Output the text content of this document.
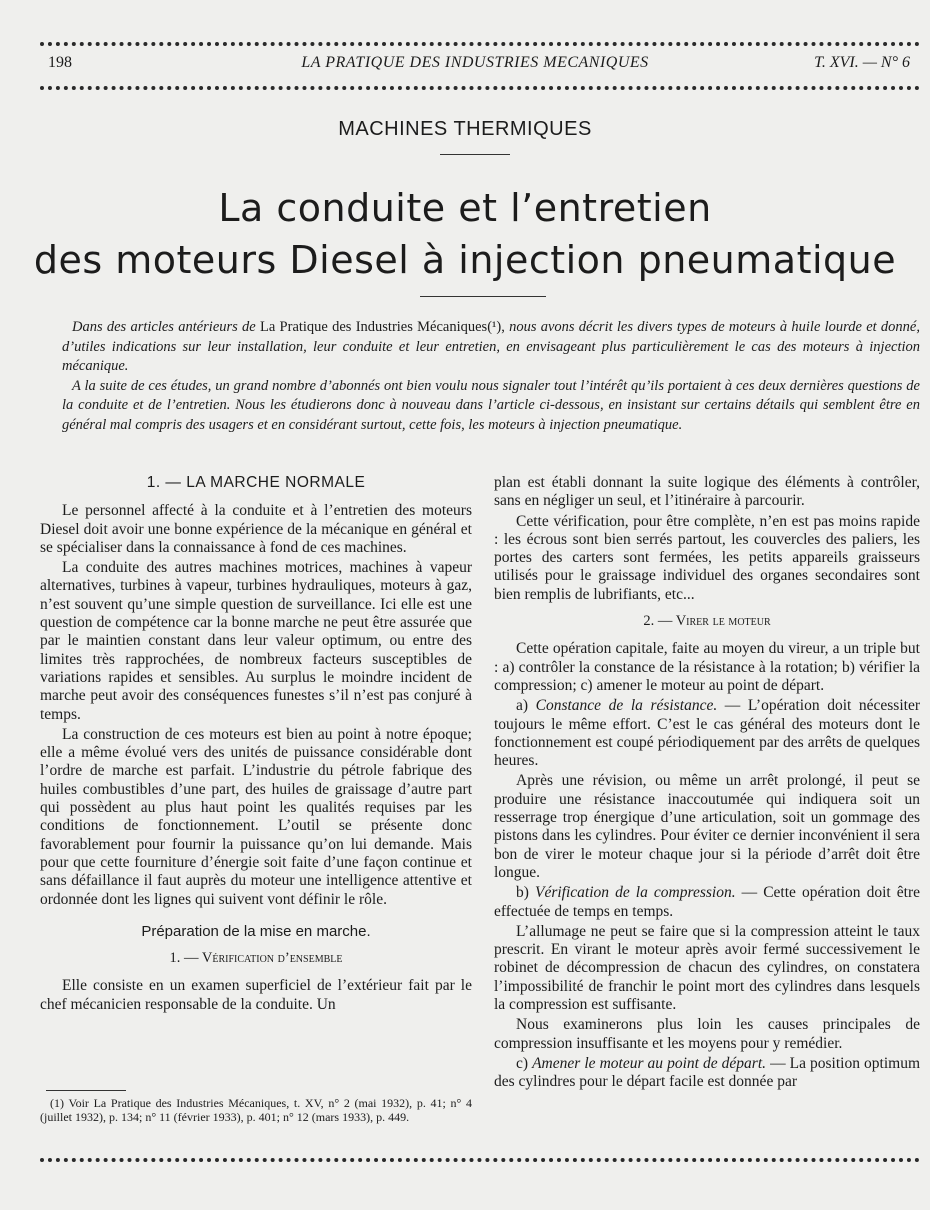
198	LA PRATIQUE DES INDUSTRIES MECANIQUES	T. XVI. — N° 6
MACHINES THERMIQUES
La conduite et l’entretien
des moteurs Diesel à injection pneumatique

Dans des articles antérieurs de La Pratique des Industries Mécaniques(¹), nous avons décrit les divers types de moteurs à huile lourde et donné, d’utiles indications sur leur installation, leur conduite et leur entretien, en envisageant plus particulièrement le cas des moteurs à injection mécanique.

A la suite de ces études, un grand nombre d’abonnés ont bien voulu nous signaler tout l’intérêt qu’ils portaient à ces deux dernières questions de la conduite et de l’entretien. Nous les étudierons donc à nouveau dans l’article ci-dessous, en insistant sur certains détails qui semblent être en général mal compris des usagers et en considérant surtout, cette fois, les moteurs à injection pneumatique.

1. — LA MARCHE NORMALE

Le personnel affecté à la conduite et à l’entretien des moteurs Diesel doit avoir une bonne expérience de la mécanique en général et se spécialiser dans la connaissance à fond de ces machines.

La conduite des autres machines motrices, machines à vapeur alternatives, turbines à vapeur, turbines hydrauliques, moteurs à gaz, n’est souvent qu’une simple question de surveillance. Ici elle est une question de compétence car la bonne marche ne peut être assurée que par le maintien constant dans leur valeur optimum, ou entre des limites très rapprochées, de nombreux facteurs susceptibles de variations rapides et sensibles. Au surplus le moindre incident de marche peut avoir des conséquences funestes s’il n’est pas conjuré à temps.

La construction de ces moteurs est bien au point à notre époque; elle a même évolué vers des unités de puissance considérable dont l’ordre de marche est parfait. L’industrie du pétrole fabrique des huiles combustibles d’une part, des huiles de graissage d’autre part qui possèdent au plus haut point les qualités requises par les conditions de fonctionnement. L’outil se présente donc favorablement pour fournir la puissance qu’on lui demande. Mais pour que cette fourniture d’énergie soit faite d’une façon continue et sans défaillance il faut auprès du moteur une intelligence attentive et ordonnée dont les lignes qui suivent vont définir le rôle.

Préparation de la mise en marche.
1. — Vérification d’ensemble

Elle consiste en un examen superficiel de l’extérieur fait par le chef mécanicien responsable de la conduite. Un

(1) Voir La Pratique des Industries Mécaniques, t. XV, n° 2 (mai 1932), p. 41; n° 4 (juillet 1932), p. 134; n° 11 (février 1933), p. 401; n° 12 (mars 1933), p. 449.

plan est établi donnant la suite logique des éléments à contrôler, sans en négliger un seul, et l’itinéraire à parcourir.

Cette vérification, pour être complète, n’en est pas moins rapide : les écrous sont bien serrés partout, les couvercles des paliers, les portes des carters sont fermées, les petits appareils graisseurs utilisés pour le graissage individuel des organes secondaires sont bien remplis de lubrifiants, etc...

2. — Virer le moteur

Cette opération capitale, faite au moyen du vireur, a un triple but : a) contrôler la constance de la résistance à la rotation; b) vérifier la compression; c) amener le moteur au point de départ.

a) Constance de la résistance. — L’opération doit nécessiter toujours le même effort. C’est le cas général des moteurs dont le fonctionnement est coupé périodiquement par des arrêts de quelques heures.

Après une révision, ou même un arrêt prolongé, il peut se produire une résistance inaccoutumée qui indiquera soit un resserrage trop énergique d’une articulation, soit un gommage des pistons dans les cylindres. Pour éviter ce dernier inconvénient il sera bon de virer le moteur chaque jour si la période d’arrêt doit être longue.

b) Vérification de la compression. — Cette opération doit être effectuée de temps en temps.

L’allumage ne peut se faire que si la compression atteint le taux prescrit. En virant le moteur après avoir fermé successivement le robinet de décompression de chacun des cylindres, on constatera l’impossibilité de franchir le point mort des cylindres dans lesquels la compression est suffisante.

Nous examinerons plus loin les causes principales de compression insuffisante et les moyens pour y remédier.

c) Amener le moteur au point de départ. — La position optimum des cylindres pour le départ facile est donnée par
